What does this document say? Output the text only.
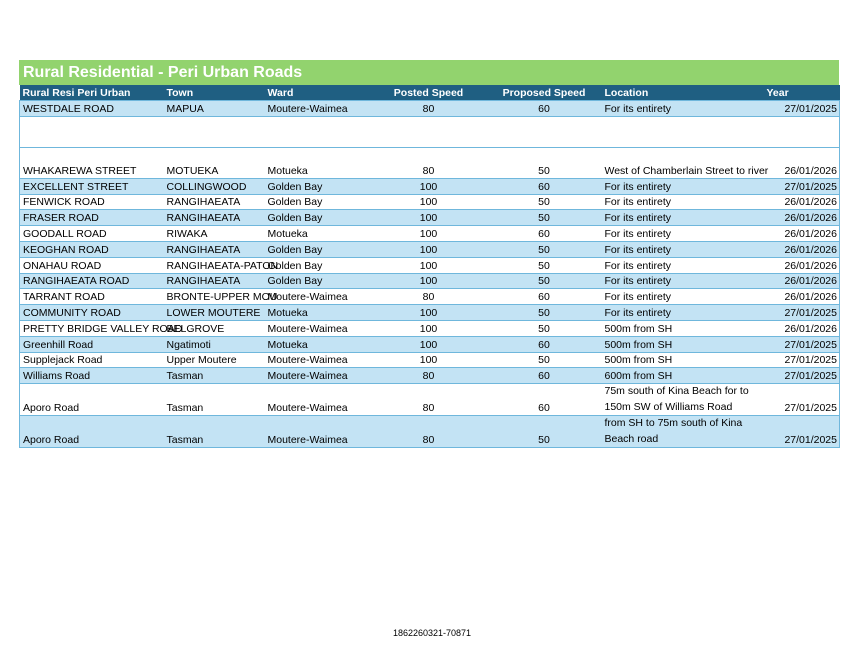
Rural Residential - Peri Urban Roads
Rural Resi Peri Urban	Town	Ward	Posted Speed	Proposed Speed	Location	Year
WESTDALE ROAD	MAPUA	Moutere-Waimea	80	60	For its entirety	27/01/2025

WHAKAREWA STREET	MOTUEKA	Motueka	80	50	West of Chamberlain Street to river	26/01/2026
EXCELLENT STREET	COLLINGWOOD	Golden Bay	100	60	For its entirety	27/01/2025
FENWICK ROAD	RANGIHAEATA	Golden Bay	100	50	For its entirety	26/01/2026
FRASER ROAD	RANGIHAEATA	Golden Bay	100	50	For its entirety	26/01/2026
GOODALL ROAD	RIWAKA	Motueka	100	60	For its entirety	26/01/2026
KEOGHAN ROAD	RANGIHAEATA	Golden Bay	100	50	For its entirety	26/01/2026
ONAHAU ROAD	RANGIHAEATA-PATON	Golden Bay	100	50	For its entirety	26/01/2026
RANGIHAEATA ROAD	RANGIHAEATA	Golden Bay	100	50	For its entirety	26/01/2026
TARRANT ROAD	BRONTE-UPPER MOU	Moutere-Waimea	80	60	For its entirety	26/01/2026
COMMUNITY ROAD	LOWER MOUTERE	Motueka	100	50	For its entirety	27/01/2025
PRETTY BRIDGE VALLEY ROAD	BELGROVE	Moutere-Waimea	100	50	500m from SH	26/01/2026
Greenhill Road	Ngatimoti	Motueka	100	60	500m from SH	27/01/2025
Supplejack Road	Upper Moutere	Moutere-Waimea	100	50	500m from SH	27/01/2025
Williams Road	Tasman	Moutere-Waimea	80	60	600m from SH	27/01/2025
Aporo Road	Tasman	Moutere-Waimea	80	60	75m south of Kina Beach for to 150m SW of Williams Road	27/01/2025
Aporo Road	Tasman	Moutere-Waimea	80	50	from SH to 75m south of Kina Beach road	27/01/2025
1862260321-70871
